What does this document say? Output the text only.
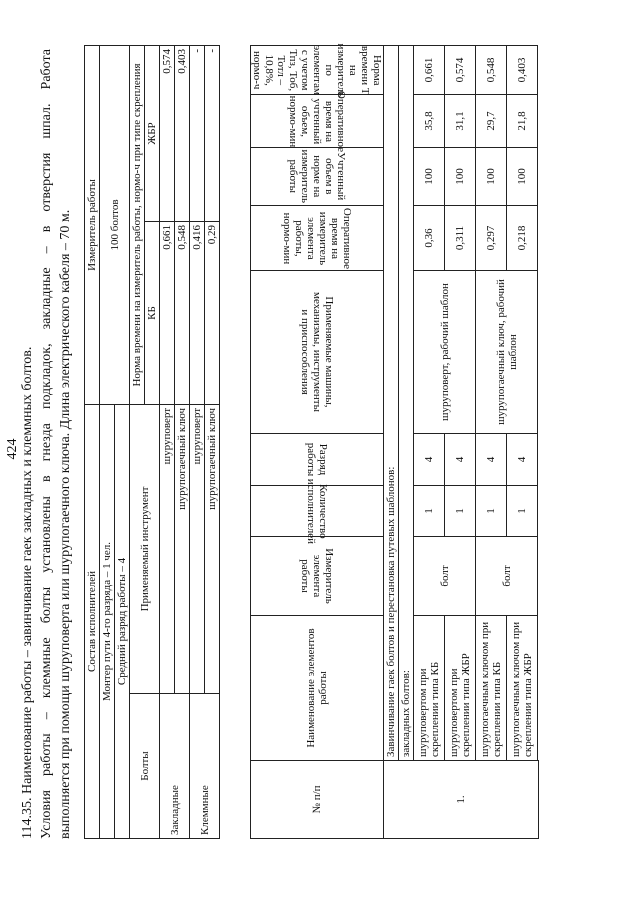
424 114.35. Наименование работы – завинчивание гаек закладных и клеммных болтов. Условия работы – клеммные болты установлены в гнезда подкладок, закладные – в отверстия шпал. Работа выполняется при помощи шуруповерта или шурупогаечного ключа. Длина электрического кабеля – 70 м. Состав исполнителей		Измеритель работы	
Монтер пути 4-го разряда – 1 чел.		100 болтов	
Средний разряд работы – 4			
Болты	Применяемый инструмент	Норма времени на измеритель работы, нормо-ч при типе скрепления	

		КБ	ЖБР
Закладные	шуруповерт	0,661	0,574
	шурупогаечный ключ	0,548	0,403
Клеммные	шуруповерт	0,416	-
	шурупогаечный ключ	0,29	-
№ п/п	Наименование элементов работы	Измеритель элемента работы	Количество исполнителей	Разряд работы	Применяемые машины, механизмы, инструменты и приспособления	Оперативное время на измеритель элемента работы, нормо-мин	Учтенный объем в норме на измеритель работы	Оперативное время на учтенный объем, нормо-мин	Норма времени Т на измеритель по элементам с учетом Тпз, Тоб, Тотл – 10,8%, нормо-ч

1.	Завинчивание гаек болтов и перестановка путевых шаблонов:								
	закладных болтов:								
	шуруповертом при скреплении типа КБ	болт	1	4	шуруповерт, рабочий шаблон	0,36	100	35,8	0,661
	шуруповертом при скреплении типа ЖБР		1	4		0,311	100	31,1	0,574
	шурупогаечным ключом при скреплении типа КБ	болт	1	4	шурупогаечный ключ, рабочий шаблон	0,297	100	29,7	0,548
	шурупогаечным ключом при скреплении типа ЖБР		1	4		0,218	100	21,8	0,403
